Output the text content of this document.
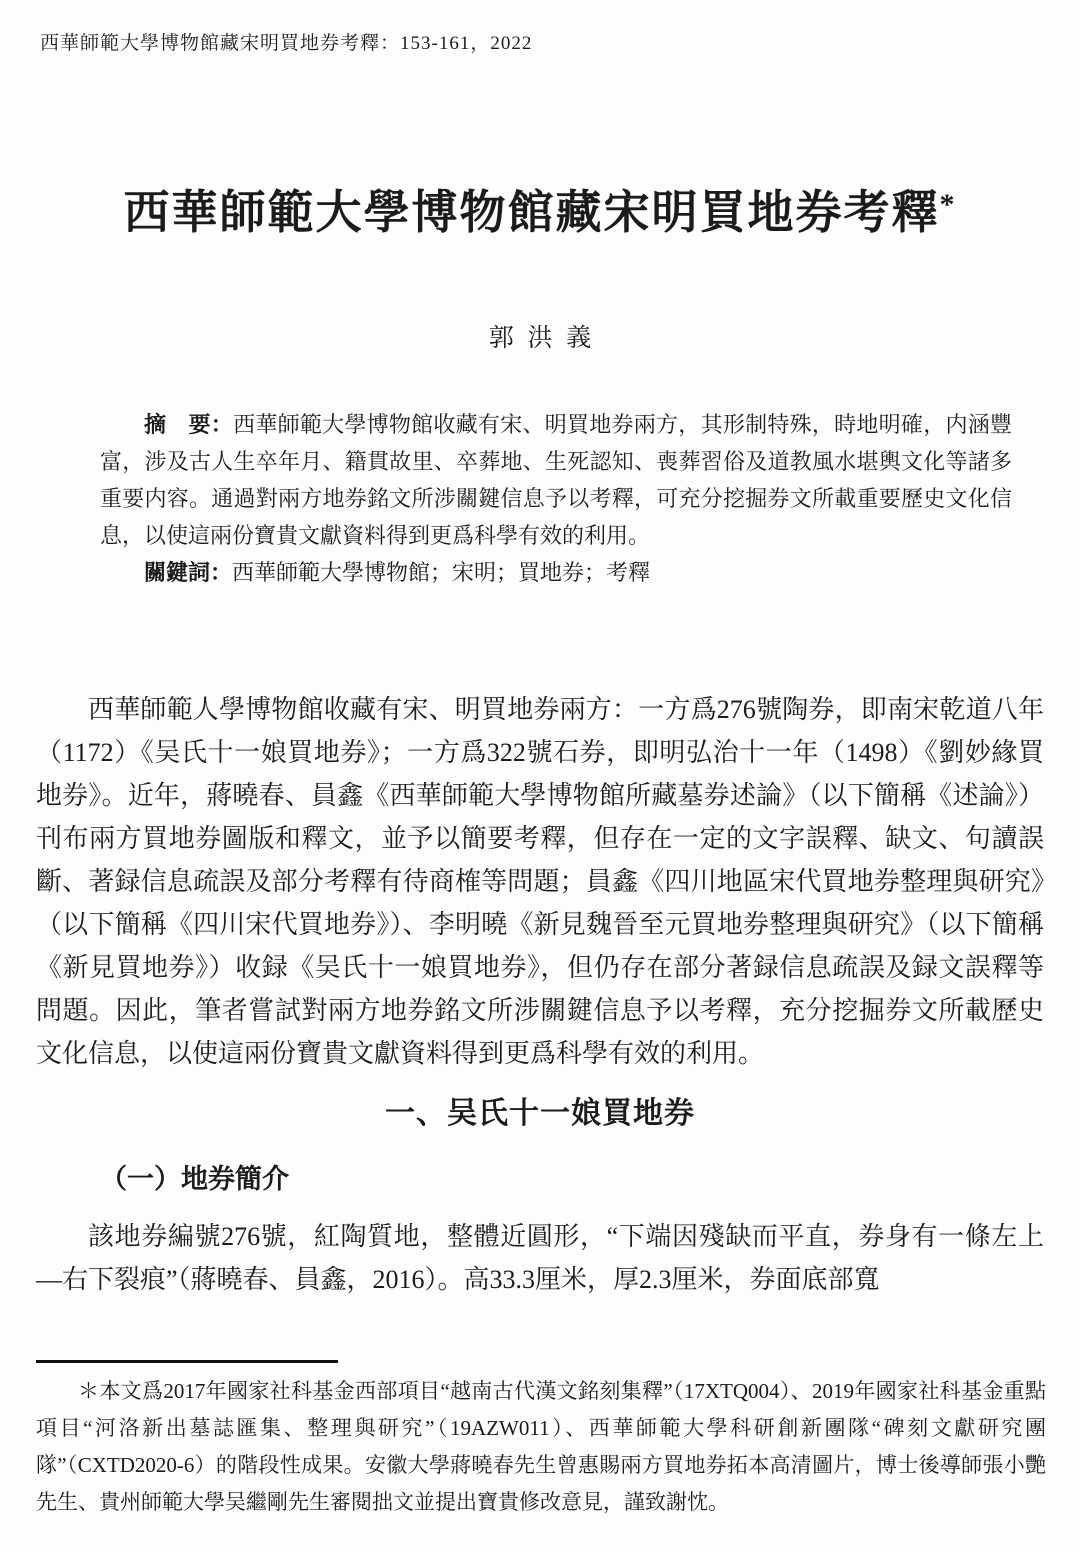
西華師範大學博物館藏宋明買地券考釋：153-161，2022
西華師範大學博物館藏宋明買地券考釋*
郭洪義

摘　要：西華師範大學博物館收藏有宋、明買地券兩方，其形制特殊，時地明確，内涵豐富，涉及古人生卒年月、籍貫故里、卒葬地、生死認知、喪葬習俗及道教風水堪輿文化等諸多重要内容。通過對兩方地券銘文所涉關鍵信息予以考釋，可充分挖掘券文所載重要歷史文化信息，以使這兩份寶貴文獻資料得到更爲科學有效的利用。

關鍵詞：西華師範大學博物館；宋明；買地券；考釋

西華師範人學博物館收藏有宋、明買地券兩方：一方爲276號陶券，即南宋乾道八年（1172）《吴氏十一娘買地券》；一方爲322號石券，即明弘治十一年（1498）《劉妙緣買地券》。近年，蔣曉春、員鑫《西華師範大學博物館所藏墓券述論》（以下簡稱《述論》）刊布兩方買地券圖版和釋文，並予以簡要考釋，但存在一定的文字誤釋、缺文、句讀誤斷、著録信息疏誤及部分考釋有待商榷等問題；員鑫《四川地區宋代買地券整理與研究》（以下簡稱《四川宋代買地券》）、李明曉《新見魏晉至元買地券整理與研究》（以下簡稱《新見買地券》）收録《吴氏十一娘買地券》，但仍存在部分著録信息疏誤及録文誤釋等問題。因此，筆者嘗試對兩方地券銘文所涉關鍵信息予以考釋，充分挖掘券文所載歷史文化信息，以使這兩份寶貴文獻資料得到更爲科學有效的利用。

一、吴氏十一娘買地券
（一）地券簡介

該地券編號276號，紅陶質地，整體近圓形，“下端因殘缺而平直，券身有一條左上—右下裂痕”（蔣曉春、員鑫，2016）。高33.3厘米，厚2.3厘米，券面底部寬

＊本文爲2017年國家社科基金西部項目“越南古代漢文銘刻集釋”（17XTQ004）、2019年國家社科基金重點項目“河洛新出墓誌匯集、整理與研究”（19AZW011）、西華師範大學科研創新團隊“碑刻文獻研究團隊”（CXTD2020-6）的階段性成果。安徽大學蔣曉春先生曾惠賜兩方買地券拓本高清圖片，博士後導師張小艷先生、貴州師範大學吴繼剛先生審閱拙文並提出寶貴修改意見，謹致謝忱。
